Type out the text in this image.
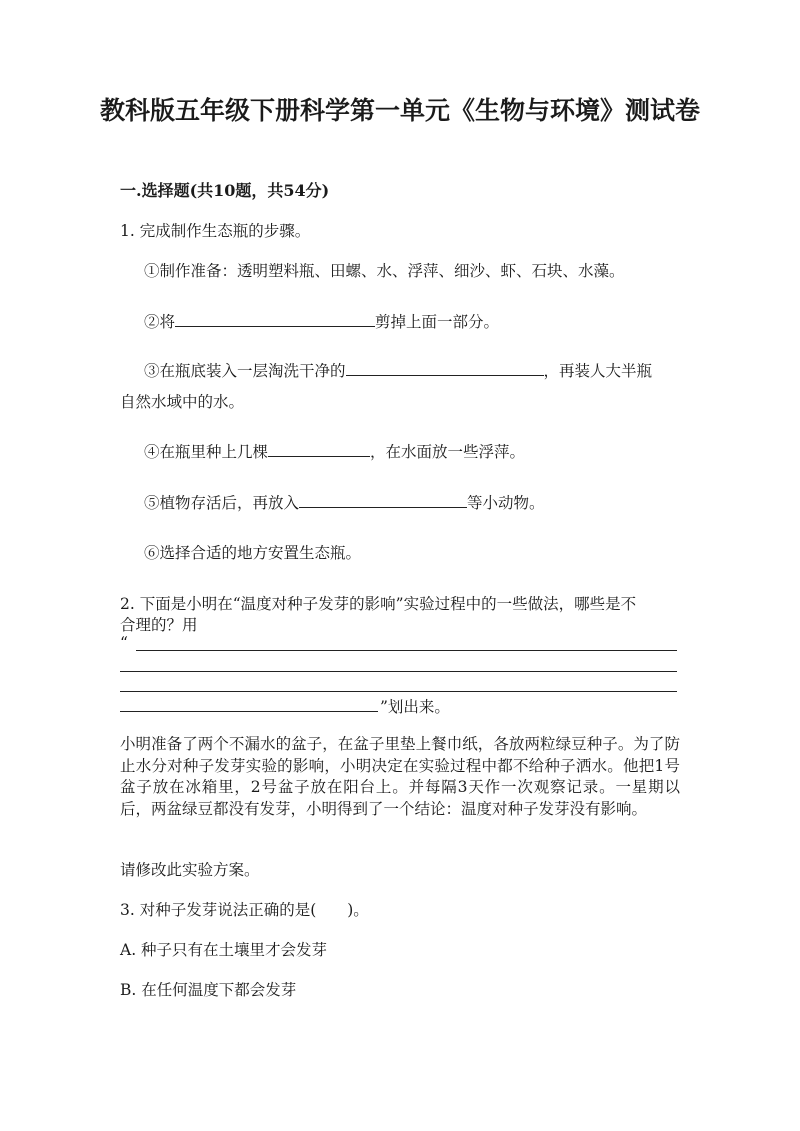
教科版五年级下册科学第一单元《生物与环境》测试卷
一.选择题(共10题，共54分)
1. 完成制作生态瓶的步骤。
①制作准备：透明塑料瓶、田螺、水、浮萍、细沙、虾、石块、水藻。
②将	剪掉上面一部分。
③在瓶底装入一层淘洗干净的	，再装人大半瓶
自然水域中的水。
④在瓶里种上几棵	，在水面放一些浮萍。
⑤植物存活后，再放入	等小动物。
⑥选择合适的地方安置生态瓶。
2. 下面是小明在“温度对种子发芽的影响”实验过程中的一些做法，哪些是不
合理的？用
“
”划出来。
小明准备了两个不漏水的盆子，在盆子里垫上餐巾纸，各放两粒绿豆种子。为了防止水分对种子发芽实验的影响，小明决定在实验过程中都不给种子洒水。他把1号盆子放在冰箱里，2号盆子放在阳台上。并每隔3天作一次观察记录。一星期以后，两盆绿豆都没有发芽，小明得到了一个结论：温度对种子发芽没有影响。
请修改此实验方案。
3. 对种子发芽说法正确的是(　　)。
A. 种子只有在土壤里才会发芽
B. 在任何温度下都会发芽
